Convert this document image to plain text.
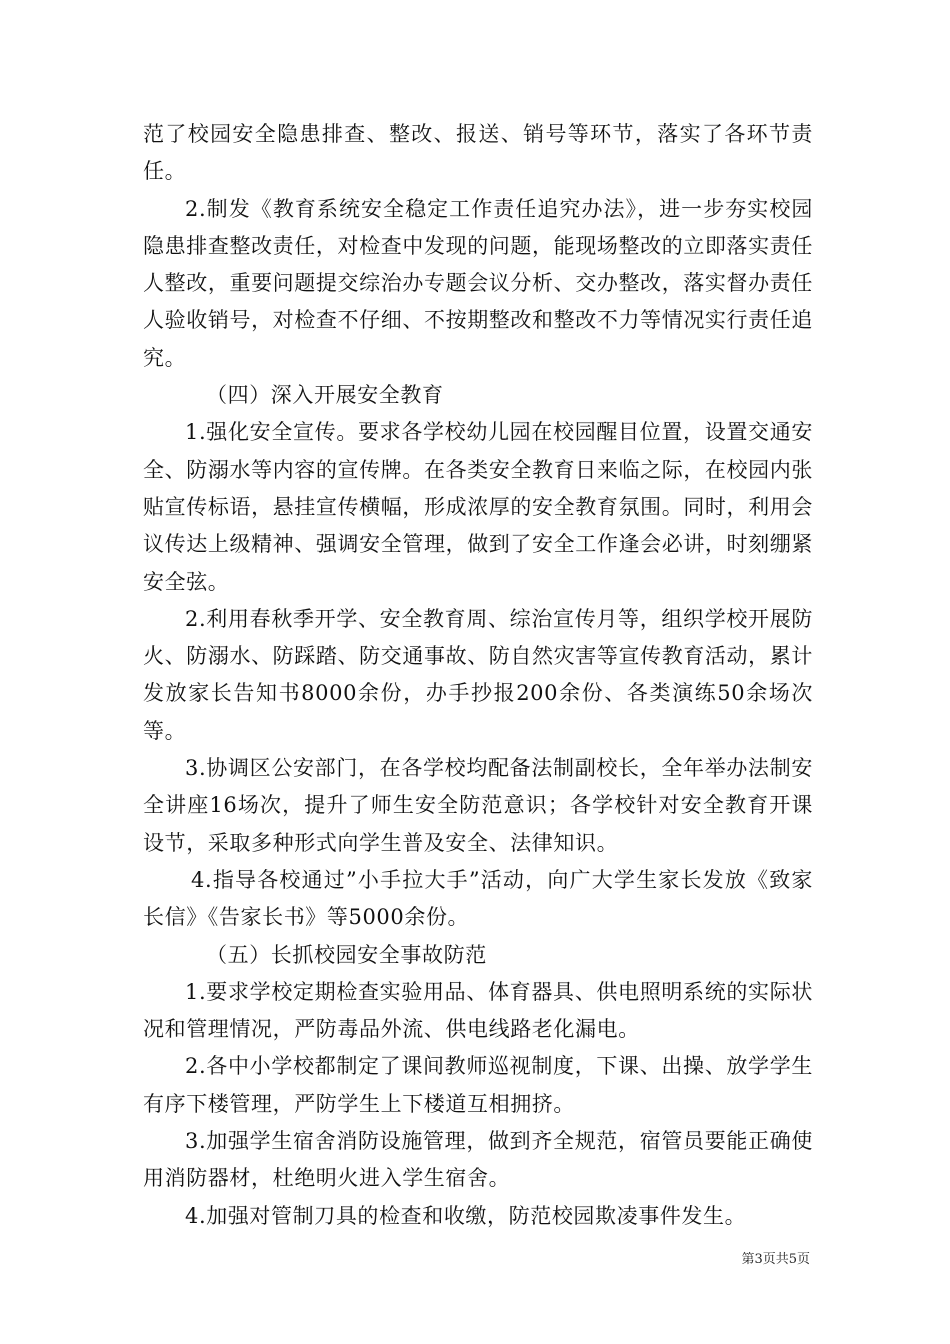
范了校园安全隐患排查、整改、报送、销号等环节，落实了各环节责任。

2.制发《教育系统安全稳定工作责任追究办法》，进一步夯实校园隐患排查整改责任，对检查中发现的问题，能现场整改的立即落实责任人整改，重要问题提交综治办专题会议分析、交办整改，落实督办责任人验收销号，对检查不仔细、不按期整改和整改不力等情况实行责任追究。

（四）深入开展安全教育

1.强化安全宣传。要求各学校幼儿园在校园醒目位置，设置交通安全、防溺水等内容的宣传牌。在各类安全教育日来临之际，在校园内张贴宣传标语，悬挂宣传横幅，形成浓厚的安全教育氛围。同时，利用会议传达上级精神、强调安全管理，做到了安全工作逢会必讲，时刻绷紧安全弦。

2.利用春秋季开学、安全教育周、综治宣传月等，组织学校开展防火、防溺水、防踩踏、防交通事故、防自然灾害等宣传教育活动，累计发放家长告知书8000余份，办手抄报200余份、各类演练50余场次等。

3.协调区公安部门，在各学校均配备法制副校长，全年举办法制安全讲座16场次，提升了师生安全防范意识；各学校针对安全教育开课设节，采取多种形式向学生普及安全、法律知识。

4.指导各校通过”小手拉大手”活动，向广大学生家长发放《致家长信》《告家长书》等5000余份。

（五）长抓校园安全事故防范

1.要求学校定期检查实验用品、体育器具、供电照明系统的实际状况和管理情况，严防毒品外流、供电线路老化漏电。

2.各中小学校都制定了课间教师巡视制度，下课、出操、放学学生有序下楼管理，严防学生上下楼道互相拥挤。

3.加强学生宿舍消防设施管理，做到齐全规范，宿管员要能正确使用消防器材，杜绝明火进入学生宿舍。

4.加强对管制刀具的检查和收缴，防范校园欺凌事件发生。

第3页共5页
